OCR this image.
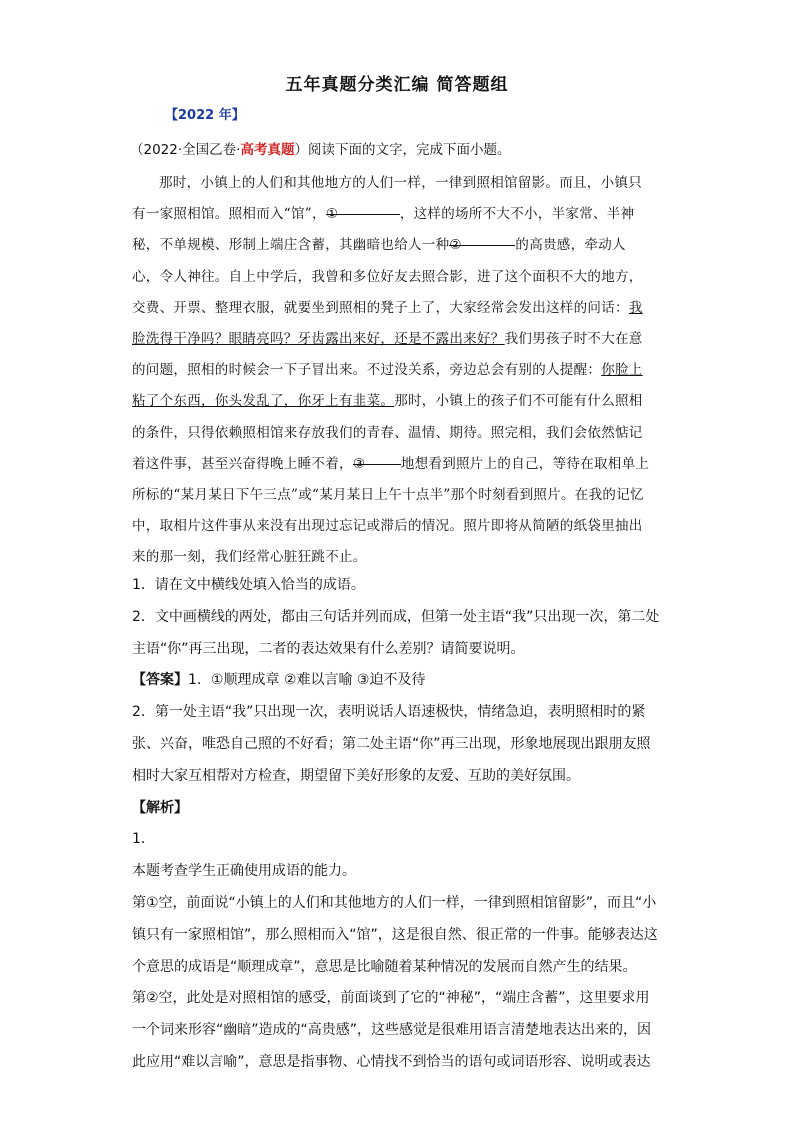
五年真题分类汇编 简答题组
【2022 年】
（2022·全国乙卷·高考真题）阅读下面的文字，完成下面小题。
那时，小镇上的人们和其他地方的人们一样，一律到照相馆留影。而且，小镇只
有一家照相馆。照相而入“馆”，①	，这样的场所不大不小，半家常、半神
秘，不单规模、形制上端庄含蓄，其幽暗也给人一种②	的高贵感，牵动人
心，令人神往。自上中学后，我曾和多位好友去照合影，进了这个面积不大的地方，
交费、开票、整理衣服，就要坐到照相的凳子上了，大家经常会发出这样的问话：我
脸洗得干净吗？眼睛亮吗？牙齿露出来好，还是不露出来好？我们男孩子时不大在意
的问题，照相的时候会一下子冒出来。不过没关系，旁边总会有别的人提醒：你脸上
粘了个东西，你头发乱了，你牙上有韭菜。那时，小镇上的孩子们不可能有什么照相
的条件，只得依赖照相馆来存放我们的青春、温情、期待。照完相，我们会依然惦记
着这件事，甚至兴奋得晚上睡不着，③	地想看到照片上的自己，等待在取相单上
所标的“某月某日下午三点”或“某月某日上午十点半”那个时刻看到照片。在我的记忆
中，取相片这件事从来没有出现过忘记或滞后的情况。照片即将从简陋的纸袋里抽出
来的那一刻，我们经常心脏狂跳不止。
1．请在文中横线处填入恰当的成语。
2．文中画横线的两处，都由三句话并列而成，但第一处主语“我”只出现一次，第二处
主语“你”再三出现，二者的表达效果有什么差别？请简要说明。
【答案】1．①顺理成章 ②难以言喻 ③迫不及待
2．第一处主语“我”只出现一次，表明说话人语速极快，情绪急迫，表明照相时的紧
张、兴奋，唯恐自己照的不好看；第二处主语“你”再三出现，形象地展现出跟朋友照
相时大家互相帮对方检查，期望留下美好形象的友爱、互助的美好氛围。
【解析】
1．
本题考查学生正确使用成语的能力。
第①空，前面说“小镇上的人们和其他地方的人们一样，一律到照相馆留影”，而且“小
镇只有一家照相馆”，那么照相而入“馆”，这是很自然、很正常的一件事。能够表达这
个意思的成语是“顺理成章”，意思是比喻随着某种情况的发展而自然产生的结果。
第②空，此处是对照相馆的感受，前面谈到了它的“神秘”，“端庄含蓄”，这里要求用
一个词来形容“幽暗”造成的“高贵感”，这些感觉是很难用语言清楚地表达出来的，因
此应用“难以言喻”，意思是指事物、心情找不到恰当的语句或词语形容、说明或表达
